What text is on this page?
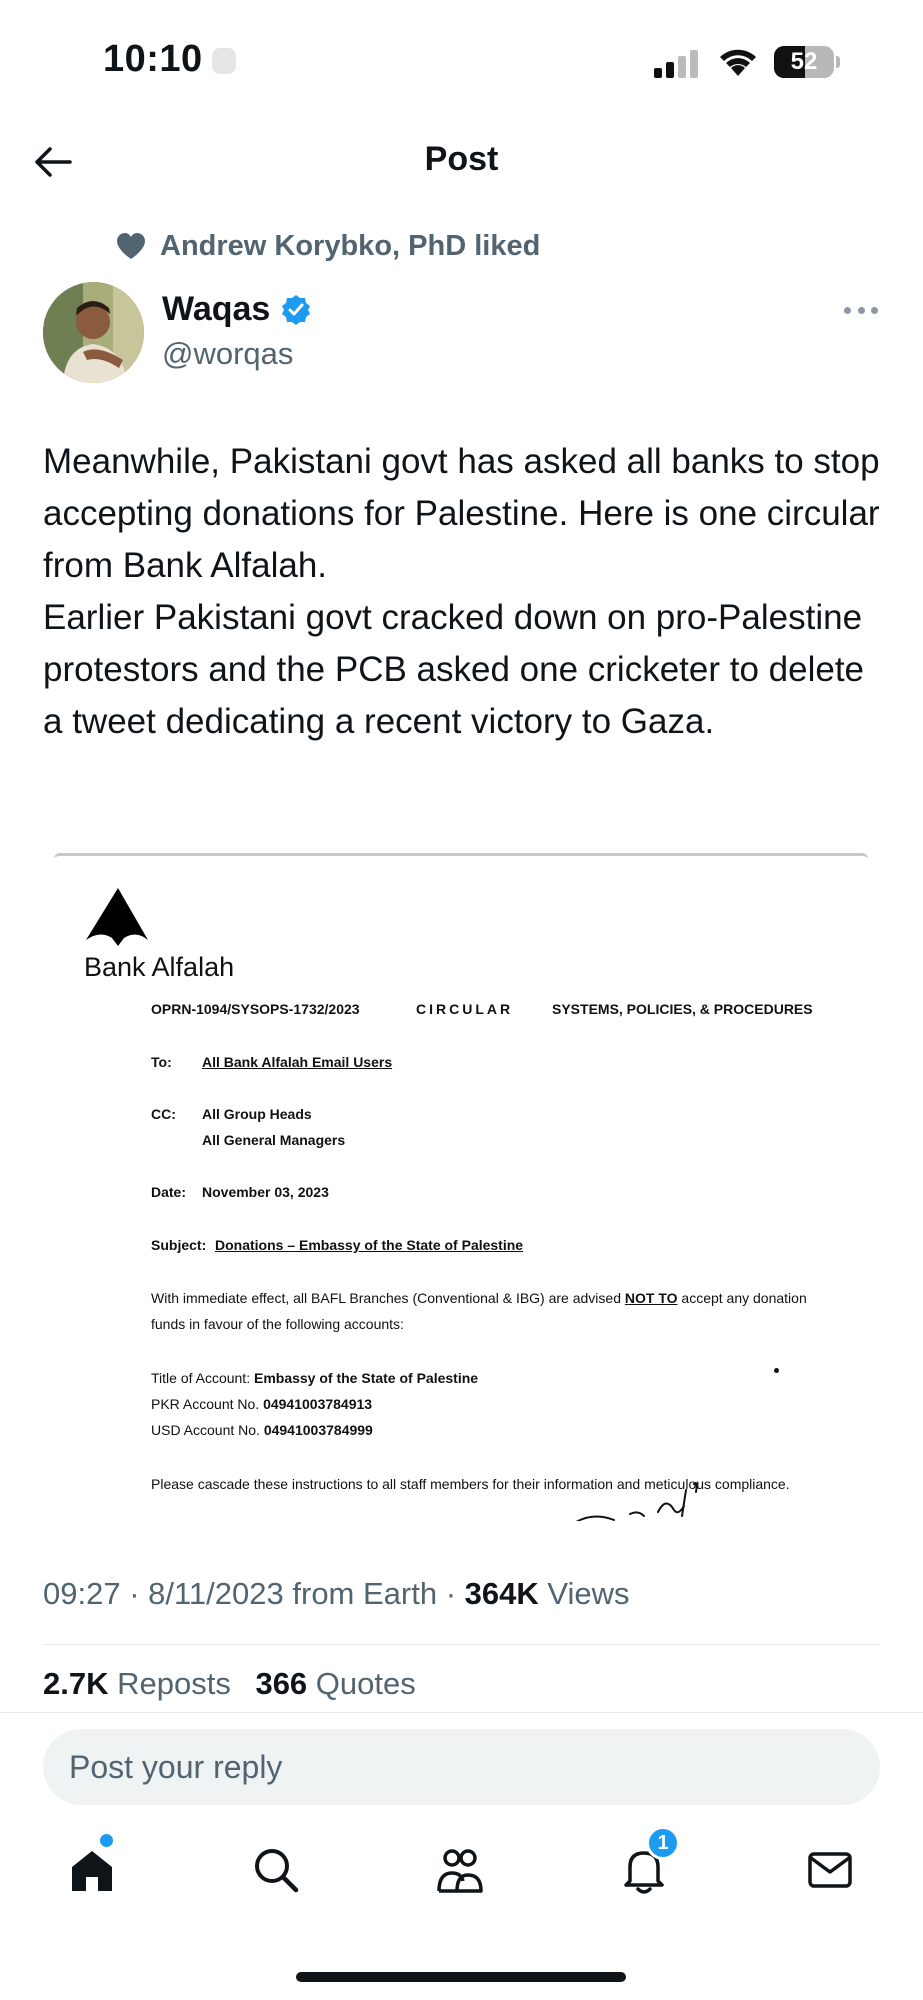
10:10	52
Post
Andrew Korybko, PhD liked
Waqas
@worqas

Meanwhile, Pakistani govt has asked all banks to stop accepting donations for Palestine. Here is one circular from Bank Alfalah.

Earlier Pakistani govt cracked down on pro-Palestine protestors and the PCB asked one cricketer to delete a tweet dedicating a recent victory to Gaza.

Bank Alfalah
OPRN-1094/SYSOPS-1732/2023	CIRCULAR	SYSTEMS, POLICIES, & PROCEDURES
To: All Bank Alfalah Email Users
CC: All Group Heads
All General Managers
Date: November 03, 2023
Subject: Donations – Embassy of the State of Palestine
With immediate effect, all BAFL Branches (Conventional & IBG) are advised NOT TO accept any donation
funds in favour of the following accounts:
Title of Account: Embassy of the State of Palestine
PKR Account No. 04941003784913
USD Account No. 04941003784999
Please cascade these instructions to all staff members for their information and meticulous compliance.
09:27 · 8/11/2023 from Earth · 364K Views
2.7K Reposts 366 Quotes
Post your reply
1
